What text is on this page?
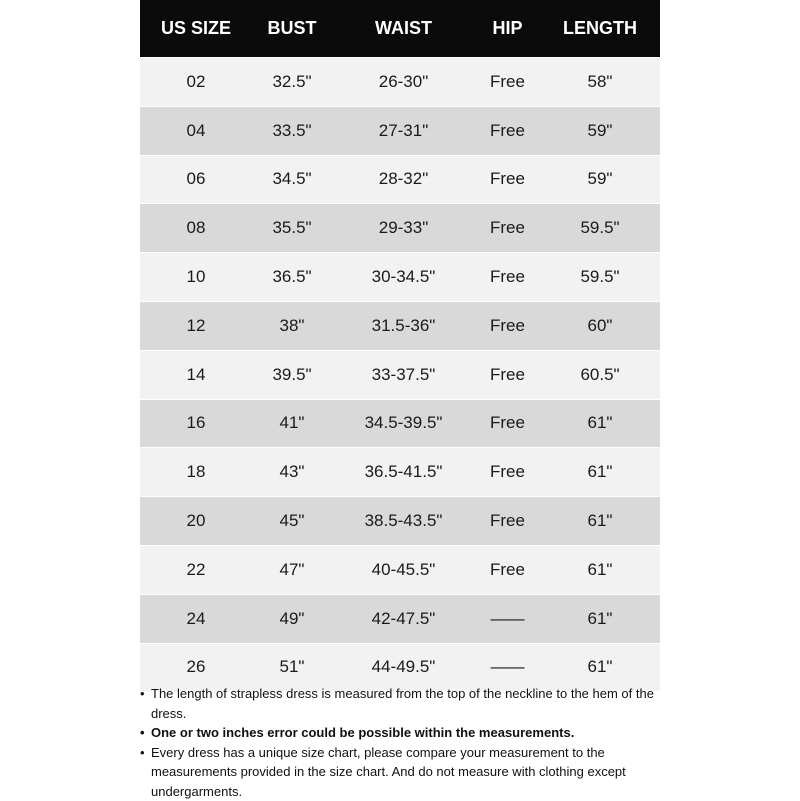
US SIZE	BUST	WAIST	HIP	LENGTH
02	32.5"	26-30"	Free	58"
04	33.5"	27-31"	Free	59"
06	34.5"	28-32"	Free	59"
08	35.5"	29-33"	Free	59.5"
10	36.5"	30-34.5"	Free	59.5"
12	38"	31.5-36"	Free	60"
14	39.5"	33-37.5"	Free	60.5"
16	41"	34.5-39.5"	Free	61"
18	43"	36.5-41.5"	Free	61"
20	45"	38.5-43.5"	Free	61"
22	47"	40-45.5"	Free	61"
24	49"	42-47.5"	——	61"
26	51"	44-49.5"	——	61"
• The length of strapless dress is measured from the top of the neckline to the hem of the dress.
• One or two inches error could be possible within the measurements.
• Every dress has a unique size chart, please compare your measurement to the measurements provided in the size chart. And do not measure with clothing except undergarments.
